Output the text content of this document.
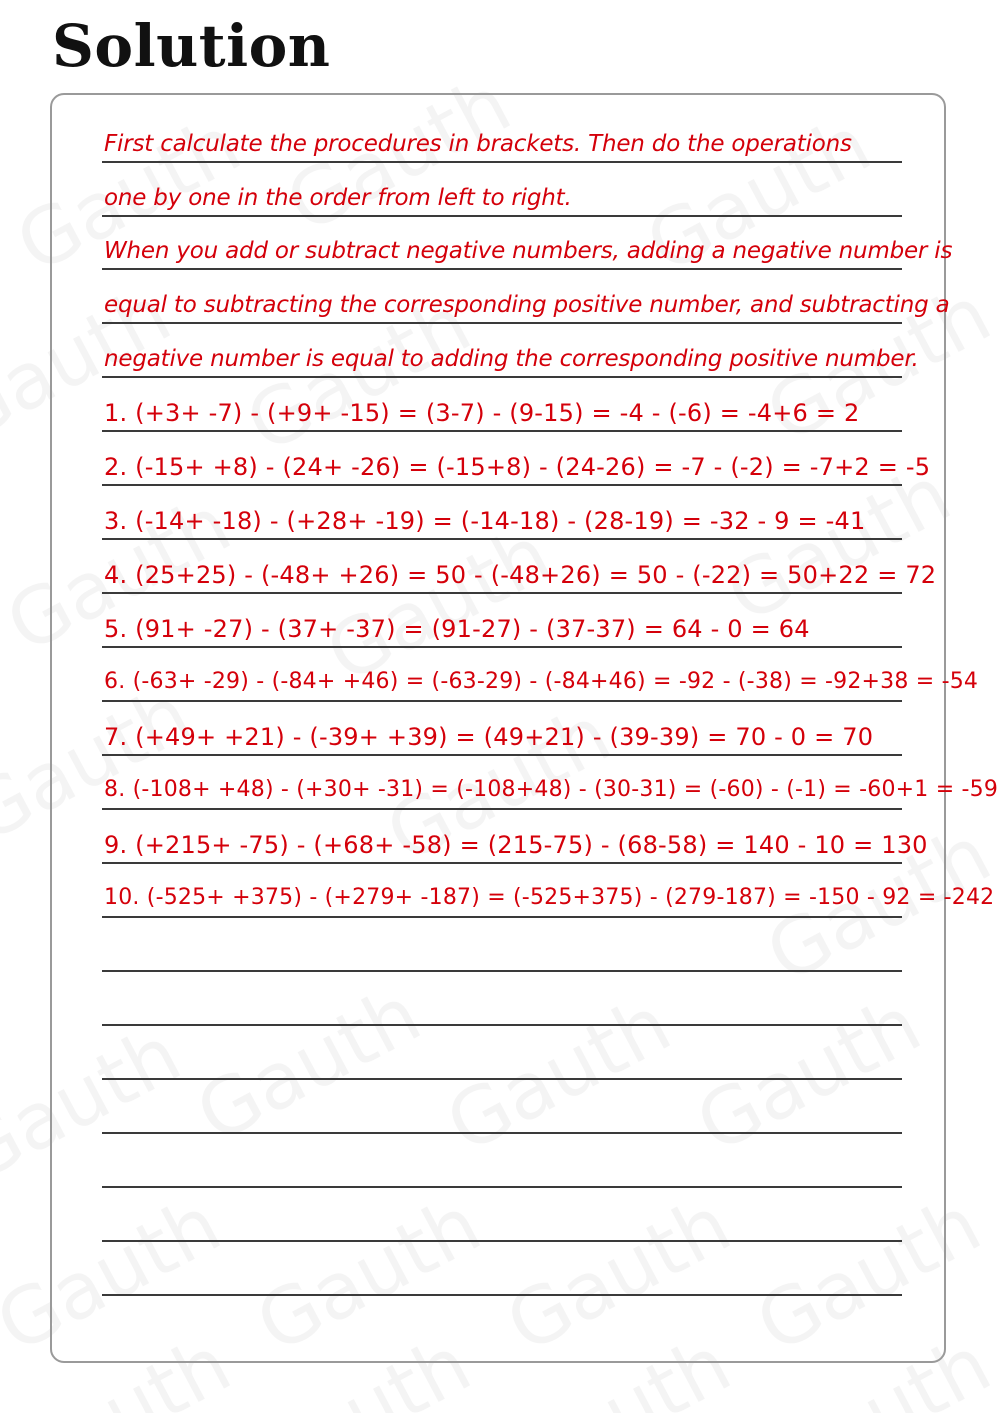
Solution
First calculate the procedures in brackets. Then do the operations
one by one in the order from left to right.
When you add or subtract negative numbers, adding a negative number is
equal to subtracting the corresponding positive number, and subtracting a
negative number is equal to adding the corresponding positive number.
1. (+3+ -7) - (+9+ -15) = (3-7) - (9-15) = -4 - (-6) = -4+6 = 2
2. (-15+ +8) - (24+ -26) = (-15+8) - (24-26) = -7 - (-2) = -7+2 = -5
3. (-14+ -18) - (+28+ -19) = (-14-18) - (28-19) = -32 - 9 = -41
4. (25+25) - (-48+ +26) = 50 - (-48+26) = 50 - (-22) = 50+22 = 72
5. (91+ -27) - (37+ -37) = (91-27) - (37-37) = 64 - 0 = 64
6. (-63+ -29) - (-84+ +46) = (-63-29) - (-84+46) = -92 - (-38) = -92+38 = -54
7. (+49+ +21) - (-39+ +39) = (49+21) - (39-39) = 70 - 0 = 70
8. (-108+ +48) - (+30+ -31) = (-108+48) - (30-31) = (-60) - (-1) = -60+1 = -59
9. (+215+ -75) - (+68+ -58) = (215-75) - (68-58) = 140 - 10 = 130
10. (-525+ +375) - (+279+ -187) = (-525+375) - (279-187) = -150 - 92 = -242
